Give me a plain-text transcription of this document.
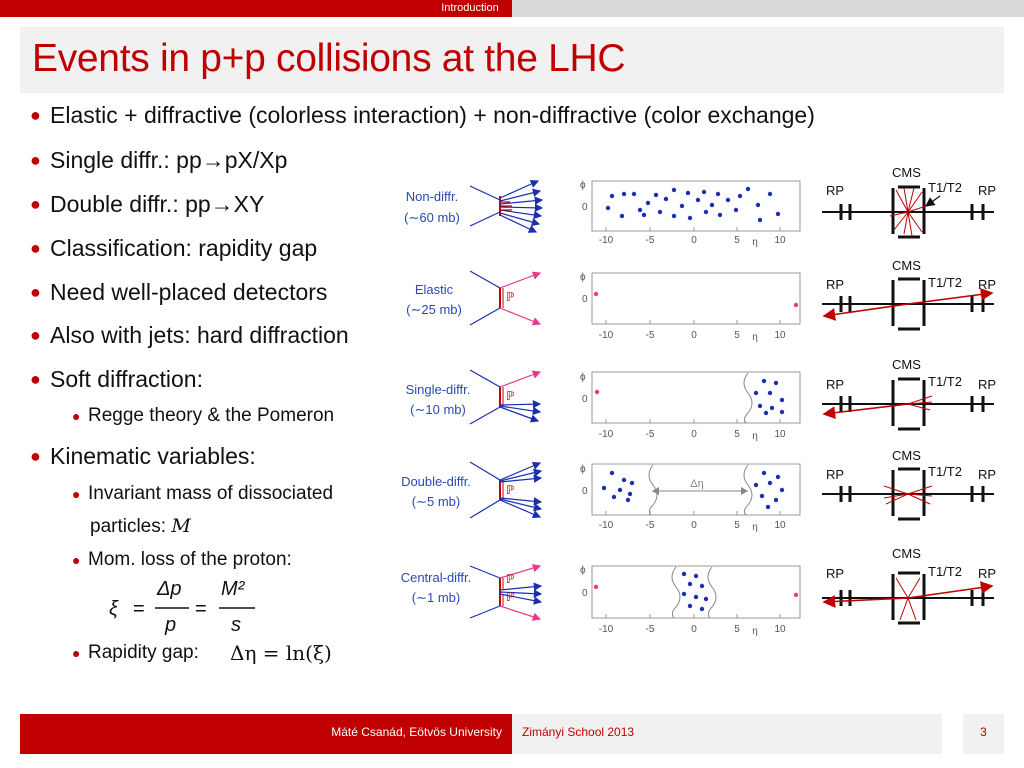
Introduction
Events in p+p collisions at the LHC
● Elastic + diffractive (colorless interaction) + non-diffractive (color exchange)
● Single diffr.: pp→pX/Xp
● Double diffr.: pp→XY
● Classification: rapidity gap
● Need well-placed detectors
● Also with jets: hard diffraction
● Soft diffraction:
● Regge theory & the Pomeron
● Kinematic variables:
● Invariant mass of dissociated
particles: M
● Mom. loss of the proton:
● Rapidity gap:
ξ =
Δp
p
=
M²
s
Δη = ln(ξ)
Non-diffr.
(∼60 mb)
Elastic
(∼25 mb)
Single-diffr.
(∼10 mb)
Double-diffr.
(∼5 mb)
Central-diffr.
(∼1 mb)
ℙ
ℙ
ℙ
ℙ
ℙ
ϕ
0
ϕ
0
ϕ
0
ϕ
0
ϕ
0
-10	-5	0	5 η 10
-10	-5	0	5 η 10
-10	-5	0	5 η 10
-10	-5	0	5 η 10
-10	-5	0	5 η 10
Δη
CMS
T1/T2
RP	RP
CMS
T1/T2
RP	RP
CMS
T1/T2
RP	RP
CMS
T1/T2
RP	RP
CMS
T1/T2
RP	RP
Máté Csanád, Eötvös University Zimányi School 2013	3
